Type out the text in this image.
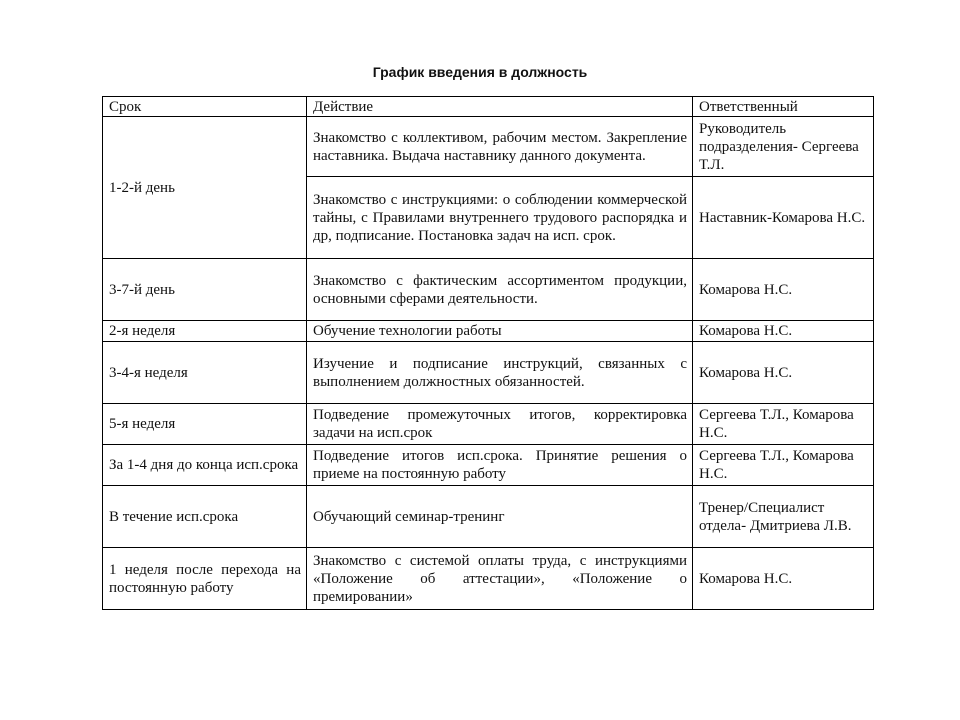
График введения в должность
Срок	Действие	Ответственный
1-2-й день	Знакомство с коллективом, рабочим местом. Закрепление наставника. Выдача наставнику данного документа.	Руководитель подразделения- Сергеева Т.Л.
	Знакомство с инструкциями: о соблюдении коммерческой тайны, с Правилами внутреннего трудового распорядка и др, подписание. Постановка задач на исп. срок.	Наставник-Комарова Н.С.
3-7-й день	Знакомство с фактическим ассортиментом продукции, основными сферами деятельности.	Комарова Н.С.
2-я неделя	Обучение технологии работы	Комарова Н.С.
3-4-я неделя	Изучение и подписание инструкций, связанных с выполнением должностных обязанностей.	Комарова Н.С.
5-я неделя	Подведение промежуточных итогов, корректировка задачи на исп.срок	Сергеева Т.Л., Комарова Н.С.
За 1-4 дня до конца исп.срока	Подведение итогов исп.срока. Принятие решения о приеме на постоянную работу	Сергеева Т.Л., Комарова Н.С.
В течение исп.срока	Обучающий семинар-тренинг	Тренер/Специалист отдела- Дмитриева Л.В.
1 неделя после перехода на постоянную работу	Знакомство с системой оплаты труда, с инструкциями «Положение об аттестации», «Положение о премировании»	Комарова Н.С.
